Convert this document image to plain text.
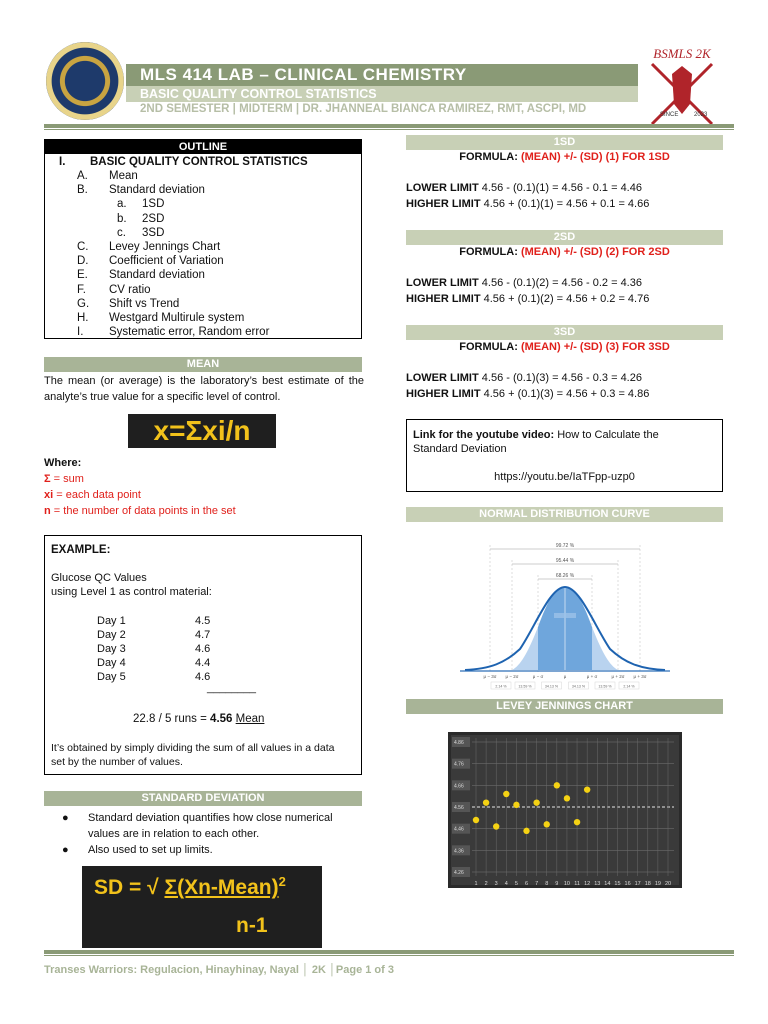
BSMLS 2K
SINCE	2023
MLS 414 LAB – CLINICAL CHEMISTRY
BASIC QUALITY CONTROL STATISTICS
2ND SEMESTER | MIDTERM | DR. JHANNEAL BIANCA RAMIREZ, RMT, ASCPI, MD
OUTLINE
I. BASIC QUALITY CONTROL STATISTICS
A. Mean
B. Standard deviation
a. 1SD
b. 2SD
c. 3SD
C. Levey Jennings Chart
D. Coefficient of Variation
E. Standard deviation
F. CV ratio
G. Shift vs Trend
H. Westgard Multirule system
I. Systematic error, Random error
MEAN
The mean (or average) is the laboratory’s best estimate of the analyte’s true value for a specific level of control.
x=Σxi/n
Where:
Σ = sum
xi = each data point
n = the number of data points in the set
EXAMPLE:
Glucose QC Values
using Level 1 as control material:
Day 1	4.5
Day 2	4.7
Day 3	4.6
Day 4	4.4
Day 5	4.6
________
22.8 / 5 runs = 4.56 Mean
It’s obtained by simply dividing the sum of all values in a data set by the number of values.
STANDARD DEVIATION
● Standard deviation quantifies how close numerical values are in relation to each other.
● Also used to set up limits.
SD = √ Σ(Xn-Mean)$^2$
n-1
1SD
FORMULA: (MEAN) +/- (SD) (1) FOR 1SD
LOWER LIMIT 4.56 - (0.1)(1) = 4.56 - 0.1 = 4.46
HIGHER LIMIT 4.56 + (0.1)(1) = 4.56 + 0.1 = 4.66
2SD
FORMULA: (MEAN) +/- (SD) (2) FOR 2SD
LOWER LIMIT 4.56 - (0.1)(2) = 4.56 - 0.2 = 4.36
HIGHER LIMIT 4.56 + (0.1)(2) = 4.56 + 0.2 = 4.76
3SD
FORMULA: (MEAN) +/- (SD) (3) FOR 3SD
LOWER LIMIT 4.56 - (0.1)(3) = 4.56 - 0.3 = 4.26
HIGHER LIMIT 4.56 + (0.1)(3) = 4.56 + 0.3 = 4.86
Link for the youtube video: How to Calculate the
Standard Deviation
https://youtu.be/IaTFpp-uzp0
NORMAL DISTRIBUTION CURVE
99.72 %
95.44 %
68.26 %
μ − 3σ μ − 2σ	μ − σ	μ	μ + σ	μ + 2σ μ + 3σ
2.14 %	13.59 %	34.13 %	34.13 %	13.59 %	2.14 %
LEVEY JENNINGS CHART
4.86
4.76
4.66
4.56
4.46
4.36
4.26
1 2 3 4 5 6 7 8 9 10 11 12 13 14 15 16 17 18 19 20
Transes Warriors: Regulacion, Hinayhinay, Nayal │ 2K │Page 1 of 3
